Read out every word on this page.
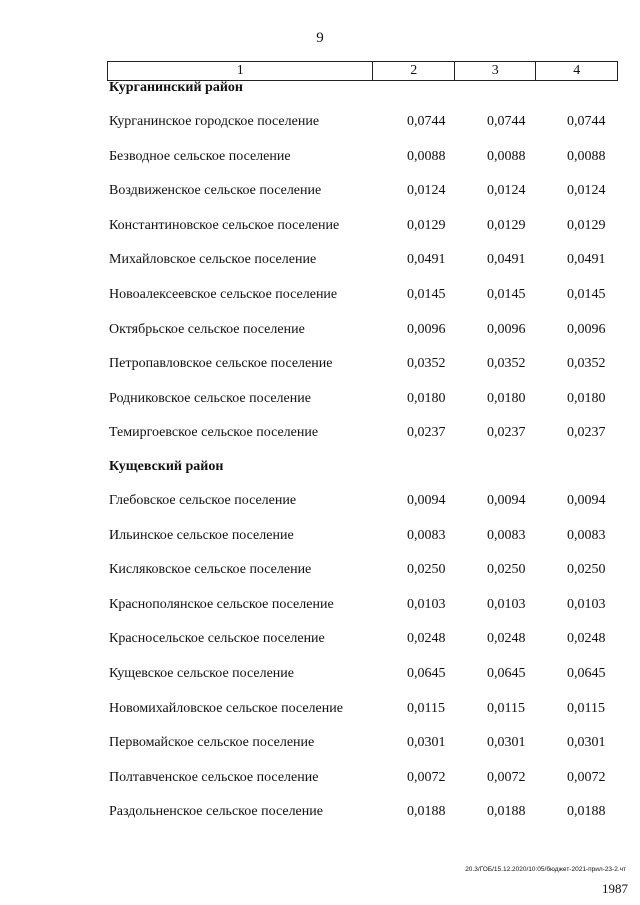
9
1	2	3	4
Курганинский район
Курганинское городское поселение	0,0744	0,0744	0,0744
Безводное сельское поселение	0,0088	0,0088	0,0088
Воздвиженское сельское поселение	0,0124	0,0124	0,0124
Константиновское сельское поселение	0,0129	0,0129	0,0129
Михайловское сельское поселение	0,0491	0,0491	0,0491
Новоалексеевское сельское поселение	0,0145	0,0145	0,0145
Октябрьское сельское поселение	0,0096	0,0096	0,0096
Петропавловское сельское поселение	0,0352	0,0352	0,0352
Родниковское сельское поселение	0,0180	0,0180	0,0180
Темиргоевское сельское поселение	0,0237	0,0237	0,0237
Кущевский район
Глебовское сельское поселение	0,0094	0,0094	0,0094
Ильинское сельское поселение	0,0083	0,0083	0,0083
Кисляковское сельское поселение	0,0250	0,0250	0,0250
Краснополянское сельское поселение	0,0103	0,0103	0,0103
Красносельское сельское поселение	0,0248	0,0248	0,0248
Кущевское сельское поселение	0,0645	0,0645	0,0645
Новомихайловское сельское поселение	0,0115	0,0115	0,0115
Первомайское сельское поселение	0,0301	0,0301	0,0301
Полтавченское сельское поселение	0,0072	0,0072	0,0072
Раздольненское сельское поселение	0,0188	0,0188	0,0188
20.3/ГОБ/15.12.2020/10:05/бюджет-2021-прил-23-2.чт
1987
